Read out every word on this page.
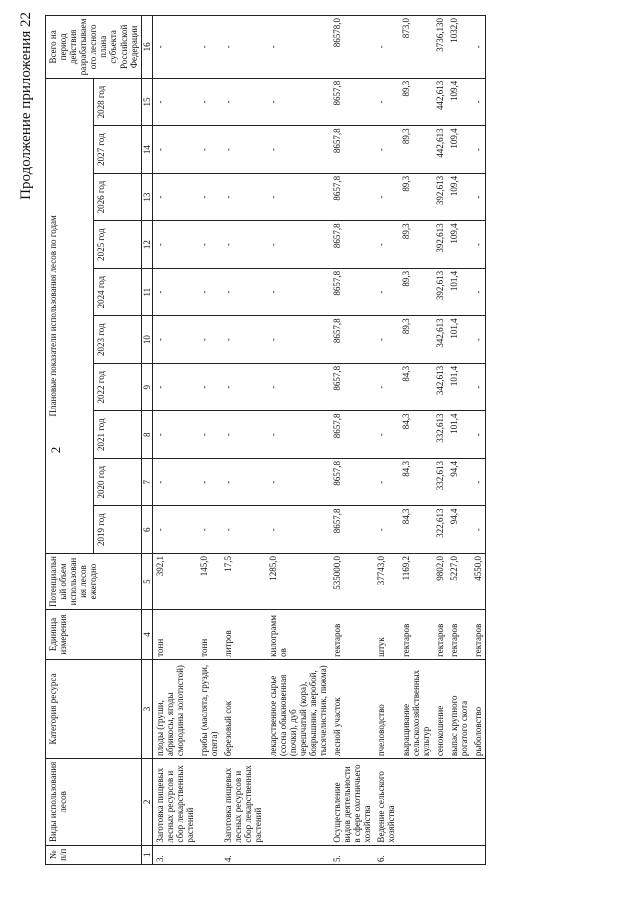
2
Продолжение приложения 22
№ п/п	Виды использования лесов	Категория ресурса	Единица измерения	Потенциальный объем использования лесов ежегодно	Плановые показатели использования лесов по годам										Всего на период действия разрабатываемого лесного плана субъекта Российской Федерации
					2019 год	2020 год	2021 год	2022 год	2023 год	2024 год	2025 год	2026 год	2027 год	2028 год	
1	2	3	4	5	6	7	8	9	10	11	12	13	14	15	16
3.	Заготовка пищевых лесных ресурсов и сбор лекарственных растений	плоды (груши, абрикосы, ягоды смородины золотистой)	тонн	392,1	-	-	-	-	-	-	-	-	-	-	-
		грибы (маслята, грузди, опята)	тонн	145,0	-	-	-	-	-	-	-	-	-	-	-
4.	Заготовка пищевых лесных ресурсов и сбор лекарственных растений	березовый сок	литров	17,5	-	-	-	-	-	-	-	-	-	-	-
		лекарственное сырье (сосна обыкновенная (почки), дуб черешчатый (кора), боярышник, зверобой, тысячелистник, пижма)	килограммов	1285,0	-	-	-	-	-	-	-	-	-	-	-
5.	Осуществление видов деятельности в сфере охотничьего хозяйства	лесной участок	гектаров	535000,0	8657,8	8657,8	8657,8	8657,8	8657,8	8657,8	8657,8	8657,8	8657,8	8657,8	86578,0
6.	Ведение сельского хозяйства	пчеловодство	штук	37743,0	-	-	-	-	-	-	-	-	-	-	-
		выращивание сельскохозяйственных культур	гектаров	1169,2	84,3	84,3	84,3	84,3	89,3	89,3	89,3	89,3	89,3	89,3	873,0
		сенокошение	гектаров	9802,0	322,613	332,613	332,613	342,613	342,613	392,613	392,613	392,613	442,613	442,613	3736,130
		выпас крупного рогатого скота	гектаров	5227,0	94,4	94,4	101,4	101,4	101,4	101,4	109,4	109,4	109,4	109,4	1032,0
		рыболовство	гектаров	4550,0	-	-	-	-	-	-	-	-	-	-	-
